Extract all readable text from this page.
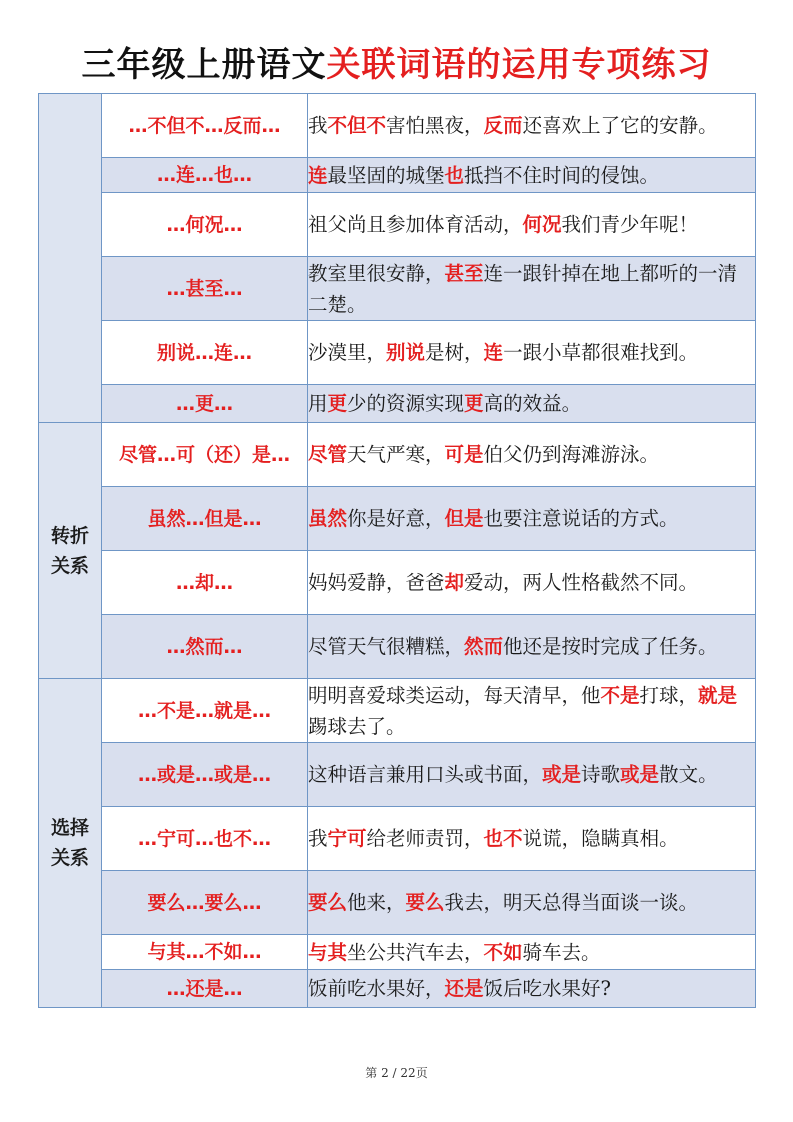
三年级上册语文关联词语的运用专项练习
	…不但不…反而…	我不但不害怕黑夜，反而还喜欢上了它的安静。
	…连…也…	连最坚固的城堡也抵挡不住时间的侵蚀。
	…何况…	祖父尚且参加体育活动，何况我们青少年呢！
	…甚至…	教室里很安静，甚至连一跟针掉在地上都听的一清二楚。
	别说…连…	沙漠里，别说是树，连一跟小草都很难找到。
	…更…	用更少的资源实现更高的效益。
转折关系	尽管…可（还）是…	尽管天气严寒，可是伯父仍到海滩游泳。
	虽然…但是…	虽然你是好意，但是也要注意说话的方式。
	…却…	妈妈爱静，爸爸却爱动，两人性格截然不同。
	…然而…	尽管天气很糟糕，然而他还是按时完成了任务。
选择关系	…不是…就是…	明明喜爱球类运动，每天清早，他不是打球，就是踢球去了。
	…或是…或是…	这种语言兼用口头或书面，或是诗歌或是散文。
	…宁可…也不…	我宁可给老师责罚，也不说谎，隐瞒真相。
	要么…要么…	要么他来，要么我去，明天总得当面谈一谈。
	与其…不如…	与其坐公共汽车去，不如骑车去。
	…还是…	饭前吃水果好，还是饭后吃水果好?
第 2 / 22页
